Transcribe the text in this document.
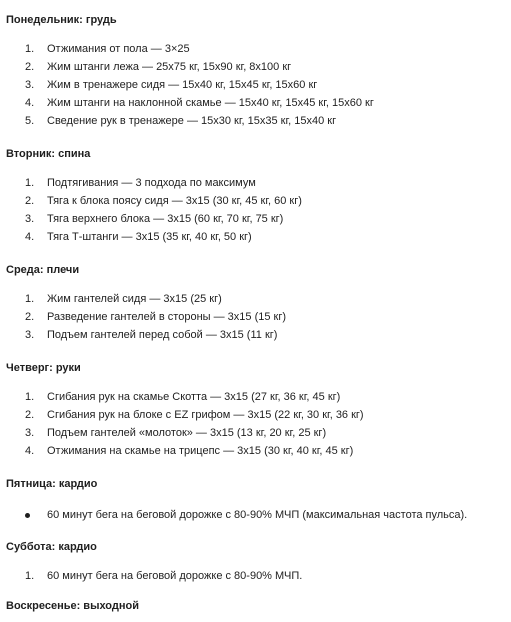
Понедельник: грудь
1.	Отжимания от пола — 3×25
2.	Жим штанги лежа — 25х75 кг, 15х90 кг, 8х100 кг
3.	Жим в тренажере сидя — 15х40 кг, 15х45 кг, 15х60 кг
4.	Жим штанги на наклонной скамье — 15х40 кг, 15х45 кг, 15х60 кг
5.	Сведение рук в тренажере — 15х30 кг, 15х35 кг, 15х40 кг
Вторник: спина
1.	Подтягивания — 3 подхода по максимум
2.	Тяга к блока поясу сидя — 3х15 (30 кг, 45 кг, 60 кг)
3.	Тяга верхнего блока — 3х15 (60 кг, 70 кг, 75 кг)
4.	Тяга Т-штанги — 3х15 (35 кг, 40 кг, 50 кг)
Среда: плечи
1.	Жим гантелей сидя — 3х15 (25 кг)
2.	Разведение гантелей в стороны — 3х15 (15 кг)
3.	Подъем гантелей перед собой — 3х15 (11 кг)
Четверг: руки
1.	Сгибания рук на скамье Скотта — 3х15 (27 кг, 36 кг, 45 кг)
2.	Сгибания рук на блоке с EZ грифом — 3х15 (22 кг, 30 кг, 36 кг)
3.	Подъем гантелей «молоток» — 3х15 (13 кг, 20 кг, 25 кг)
4.	Отжимания на скамье на трицепс — 3х15 (30 кг, 40 кг, 45 кг)
Пятница: кардио
60 минут бега на беговой дорожке с 80-90% МЧП (максимальная частота пульса).
Суббота: кардио
1.	60 минут бега на беговой дорожке с 80-90% МЧП.
Воскресенье: выходной
